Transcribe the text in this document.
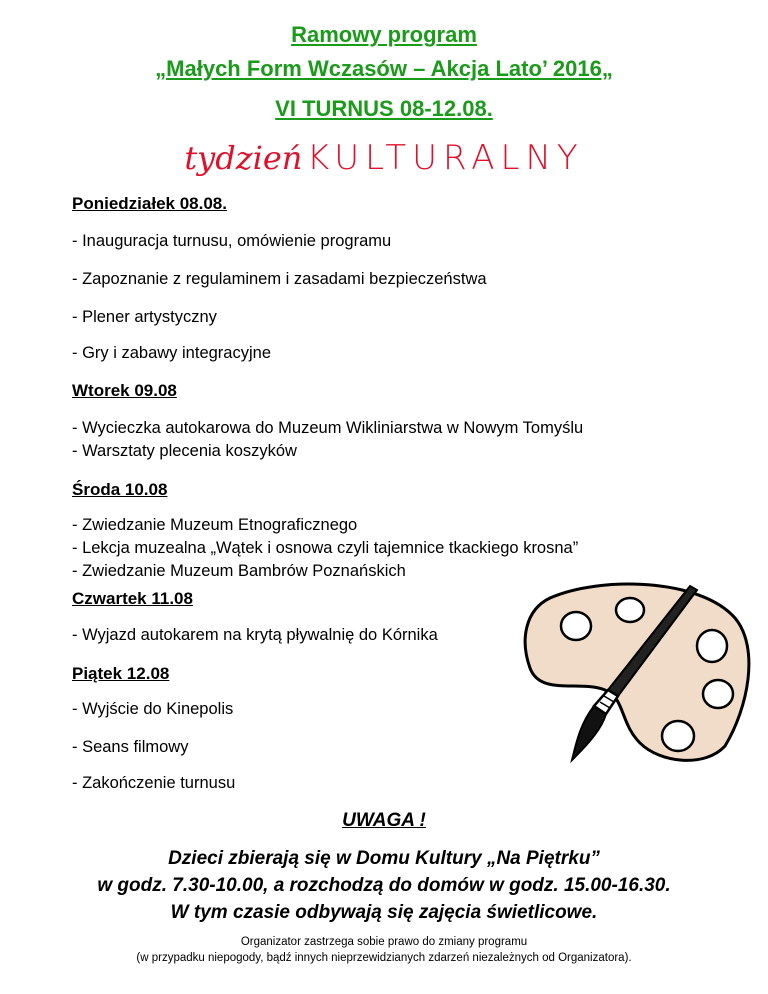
Ramowy program
„Małych Form Wczasów – Akcja Lato’ 2016„
VI TURNUS 08-12.08.
tydzień KULTURALNY
Poniedziałek 08.08.
- Inauguracja turnusu, omówienie programu
- Zapoznanie z regulaminem i zasadami bezpieczeństwa
- Plener artystyczny
- Gry i zabawy integracyjne
Wtorek 09.08
- Wycieczka autokarowa do Muzeum Wikliniarstwa w Nowym Tomyślu
- Warsztaty plecenia koszyków
Środa 10.08
- Zwiedzanie Muzeum Etnograficznego
- Lekcja muzealna „Wątek i osnowa czyli tajemnice tkackiego krosna”
- Zwiedzanie Muzeum Bambrów Poznańskich
Czwartek 11.08
- Wyjazd autokarem na krytą pływalnię do Kórnika
Piątek 12.08
- Wyjście do Kinepolis
- Seans filmowy
- Zakończenie turnusu
UWAGA !
Dzieci zbierają się w Domu Kultury „Na Piętrku”
w godz. 7.30-10.00, a rozchodzą do domów w godz. 15.00-16.30.
W tym czasie odbywają się zajęcia świetlicowe.
Organizator zastrzega sobie prawo do zmiany programu
(w przypadku niepogody, bądź innych nieprzewidzianych zdarzeń niezależnych od Organizatora).
